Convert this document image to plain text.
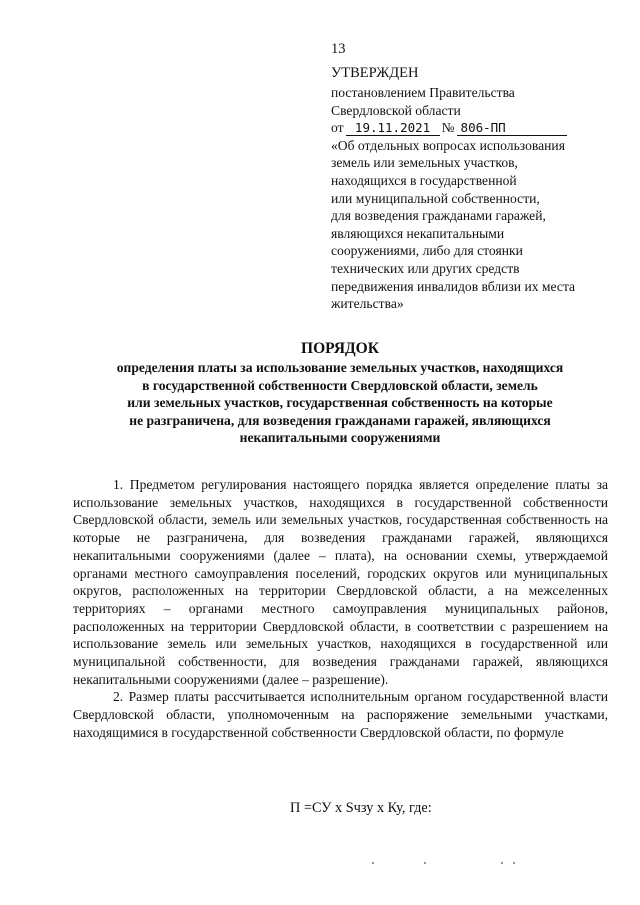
13
УТВЕРЖДЕН
постановлением Правительства
Свердловской области
от 19.11.2021 № 806-ПП
«Об отдельных вопросах использования
земель или земельных участков,
находящихся в государственной
или муниципальной собственности,
для возведения гражданами гаражей,
являющихся некапитальными
сооружениями, либо для стоянки
технических или других средств
передвижения инвалидов вблизи их места
жительства»
ПОРЯДОК
определения платы за использование земельных участков, находящихся
в государственной собственности Свердловской области, земель
или земельных участков, государственная собственность на которые
не разграничена, для возведения гражданами гаражей, являющихся
некапитальными сооружениями

1. Предметом регулирования настоящего порядка является определение платы за использование земельных участков, находящихся в государственной собственности Свердловской области, земель или земельных участков, государственная собственность на которые не разграничена, для возведения гражданами гаражей, являющихся некапитальными сооружениями (далее – плата), на основании схемы, утверждаемой органами местного самоуправления поселений, городских округов или муниципальных округов, расположенных на территории Свердловской области, а на межселенных территориях – органами местного самоуправления муниципальных районов, расположенных на территории Свердловской области, в соответствии с разрешением на использование земель или земельных участков, находящихся в государственной или муниципальной собственности, для возведения гражданами гаражей, являющихся некапитальными сооружениями (далее – разрешение).

2. Размер платы рассчитывается исполнительным органом государственной власти Свердловской области, уполномоченным на распоряжение земельными участками, находящимися в государственной собственности Свердловской области, по формуле

П =СУ х Sчзу х Ку, где:
